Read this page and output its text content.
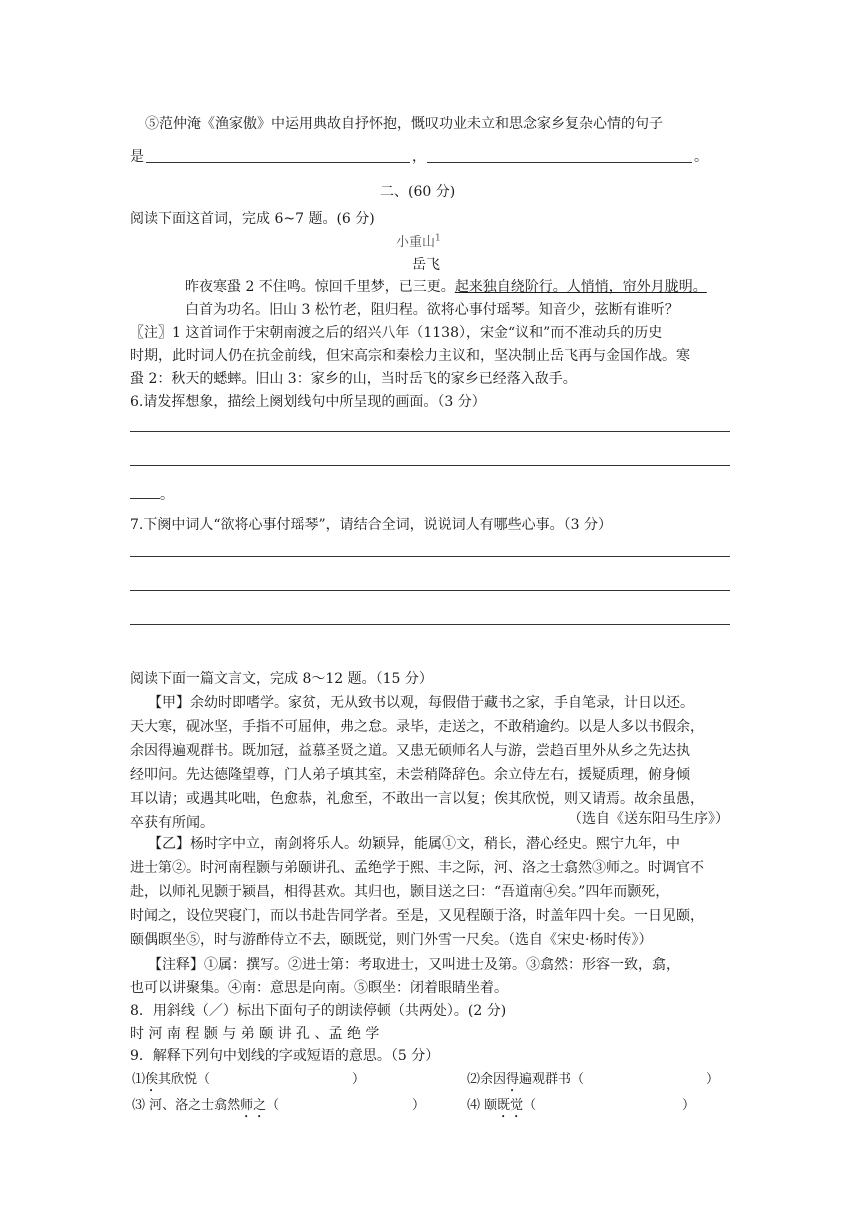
⑤范仲淹《渔家傲》中运用典故自抒怀抱，慨叹功业未立和思念家乡复杂心情的句子
是	，	。
二、(60 分)
阅读下面这首词，完成 6~7 题。(6 分)
小重山$^1$
岳飞
昨夜寒蛩 2 不住鸣。惊回千里梦，已三更。起来独自绕阶行。人悄悄，帘外月胧明。
白首为功名。旧山 3 松竹老，阻归程。欲将心事付瑶琴。知音少，弦断有谁听？
〖注〗1 这首词作于宋朝南渡之后的绍兴八年（1138），宋金“议和”而不准动兵的历史
时期，此时词人仍在抗金前线，但宋高宗和秦桧力主议和，坚决制止岳飞再与金国作战。寒
蛩 2：秋天的蟋蟀。旧山 3：家乡的山，当时岳飞的家乡已经落入敌手。
6.请发挥想象，描绘上阕划线句中所呈现的画面。（3 分）
。
7.下阕中词人“欲将心事付瑶琴”，请结合全词，说说词人有哪些心事。（3 分）
阅读下面一篇文言文，完成 8～12 题。（15 分）
【甲】余幼时即嗜学。家贫，无从致书以观，每假借于藏书之家，手自笔录，计日以还。
天大寒，砚冰坚，手指不可屈伸，弗之怠。录毕，走送之，不敢稍逾约。以是人多以书假余，
余因得遍观群书。既加冠，益慕圣贤之道。又患无硕师名人与游，尝趋百里外从乡之先达执
经叩问。先达德隆望尊，门人弟子填其室，未尝稍降辞色。余立侍左右，援疑质理，俯身倾
耳以请；或遇其叱咄，色愈恭，礼愈至，不敢出一言以复；俟其欣悦，则又请焉。故余虽愚，
卒获有所闻。	（选自《送东阳马生序》）
【乙】杨时字中立，南剑将乐人。幼颖异，能属①文，稍长，潜心经史。熙宁九年，中
进士第②。时河南程颢与弟颐讲孔、孟绝学于熙、丰之际，河、洛之士翕然③师之。时调官不
赴，以师礼见颢于颍昌，相得甚欢。其归也，颢目送之曰：“吾道南④矣。”四年而颢死，
时闻之，设位哭寝门，而以书赴告同学者。至是，又见程颐于洛，时盖年四十矣。一日见颐，
颐偶瞑坐⑤，时与游酢侍立不去，颐既觉，则门外雪一尺矣。（选自《宋史·杨时传》）
【注释】①属：撰写。②进士第：考取进士，又叫进士及第。③翕然：形容一致，翕，
也可以讲聚集。④南：意思是向南。⑤瞑坐：闭着眼睛坐着。
8．用斜线（／）标出下面句子的朗读停顿（共两处）。(2 分)
时 河 南 程 颢 与 弟 颐 讲 孔 、孟 绝 学
9．解释下列句中划线的字或短语的意思。（5 分）
⑴俟其欣悦（	）	⑵余因得遍观群书（	）
⑶ 河、洛之士翕然师之（	）	⑷ 颐既觉（	）
